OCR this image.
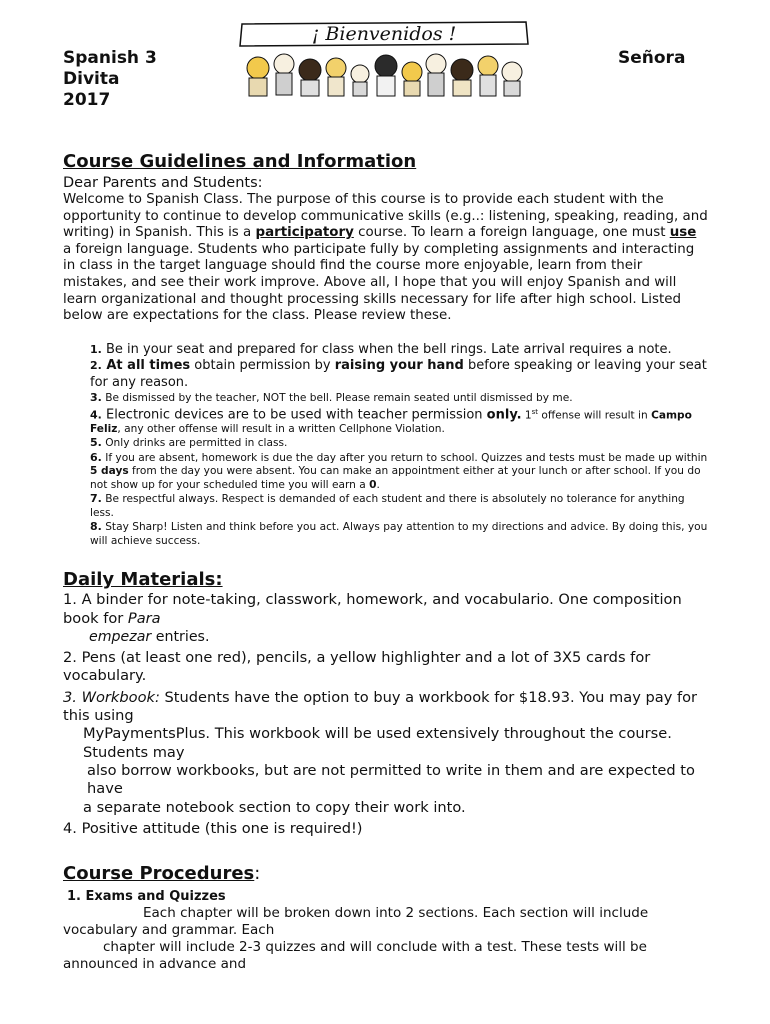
Spanish 3
Divita
2017
Señora
¡ Bienvenidos !
Course Guidelines and Information

Dear Parents and Students:

Welcome to Spanish Class. The purpose of this course is to provide each student with the opportunity to continue to develop communicative skills (e.g..: listening, speaking, reading, and writing) in Spanish. This is a participatory course. To learn a foreign language, one must use a foreign language. Students who participate fully by completing assignments and interacting in class in the target language should find the course more enjoyable, learn from their mistakes, and see their work improve. Above all, I hope that you will enjoy Spanish and will learn organizational and thought processing skills necessary for life after high school. Listed below are expectations for the class. Please review these.

1. Be in your seat and prepared for class when the bell rings. Late arrival requires a note.

2. At all times obtain permission by raising your hand before speaking or leaving your seat for any reason.

3. Be dismissed by the teacher, NOT the bell. Please remain seated until dismissed by me.

4. Electronic devices are to be used with teacher permission only. 1st offense will result in Campo Feliz, any other offense will result in a written Cellphone Violation.

5. Only drinks are permitted in class.

6. If you are absent, homework is due the day after you return to school. Quizzes and tests must be made up within 5 days from the day you were absent. You can make an appointment either at your lunch or after school. If you do not show up for your scheduled time you will earn a 0.

7. Be respectful always. Respect is demanded of each student and there is absolutely no tolerance for anything less.

8. Stay Sharp! Listen and think before you act. Always pay attention to my directions and advice. By doing this, you will achieve success.

Daily Materials:

1. A binder for note-taking, classwork, homework, and vocabulario. One composition book for Para

empezar entries.

2. Pens (at least one red), pencils, a yellow highlighter and a lot of 3X5 cards for vocabulary.

3. Workbook: Students have the option to buy a workbook for $18.93. You may pay for this using

MyPaymentsPlus. This workbook will be used extensively throughout the course. Students may

also borrow workbooks, but are not permitted to write in them and are expected to have

a separate notebook section to copy their work into.

4. Positive attitude (this one is required!)

Course Procedures:

1. Exams and Quizzes

Each chapter will be broken down into 2 sections. Each section will include vocabulary and grammar. Each

chapter will include 2-3 quizzes and will conclude with a test. These tests will be announced in advance and
